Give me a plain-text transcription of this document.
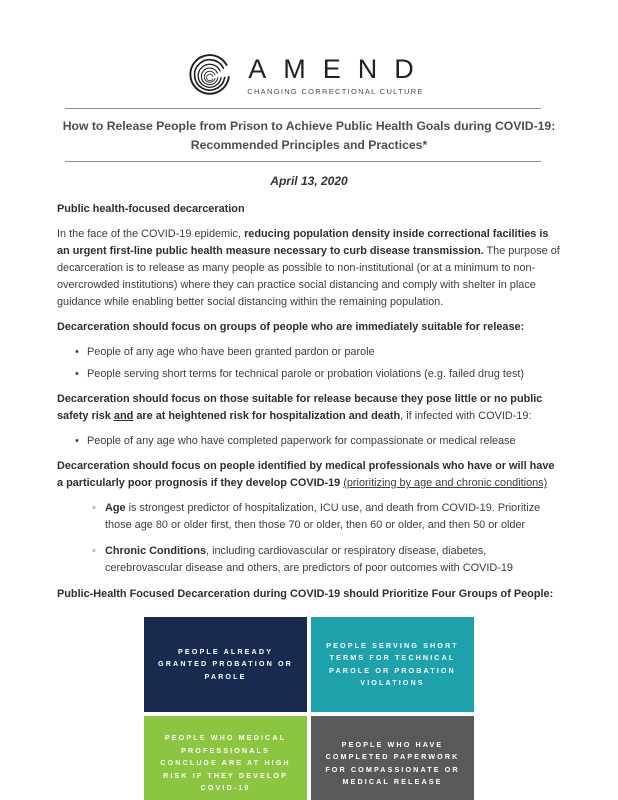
AMEND
CHANGING CORRECTIONAL CULTURE
How to Release People from Prison to Achieve Public Health Goals during COVID-19:
Recommended Principles and Practices*
April 13, 2020
Public health-focused decarceration
In the face of the COVID-19 epidemic, reducing population density inside correctional facilities is an urgent first-line public health measure necessary to curb disease transmission. The purpose of decarceration is to release as many people as possible to non-institutional (or at a minimum to non-overcrowded institutions) where they can practice social distancing and comply with shelter in place guidance while enabling better social distancing within the remaining population.
Decarceration should focus on groups of people who are immediately suitable for release:
• People of any age who have been granted pardon or parole
• People serving short terms for technical parole or probation violations (e.g. failed drug test)
Decarceration should focus on those suitable for release because they pose little or no public safety risk and are at heightened risk for hospitalization and death, if infected with COVID-19:
• People of any age who have completed paperwork for compassionate or medical release
Decarceration should focus on people identified by medical professionals who have or will have a particularly poor prognosis if they develop COVID-19 (prioritizing by age and chronic conditions)
◦ Age is strongest predictor of hospitalization, ICU use, and death from COVID-19. Prioritize those age 80 or older first, then those 70 or older, then 60 or older, and then 50 or older
◦ Chronic Conditions, including cardiovascular or respiratory disease, diabetes, cerebrovascular disease and others, are predictors of poor outcomes with COVID-19
Public-Health Focused Decarceration during COVID-19 should Prioritize Four Groups of People:
PEOPLE ALREADY GRANTED PROBATION OR PAROLE
PEOPLE SERVING SHORT TERMS FOR TECHNICAL PAROLE OR PROBATION VIOLATIONS
PEOPLE WHO MEDICAL PROFESSIONALS CONCLUDE ARE AT HIGH RISK IF THEY DEVELOP COVID-19
PEOPLE WHO HAVE COMPLETED PAPERWORK FOR COMPASSIONATE OR MEDICAL RELEASE
